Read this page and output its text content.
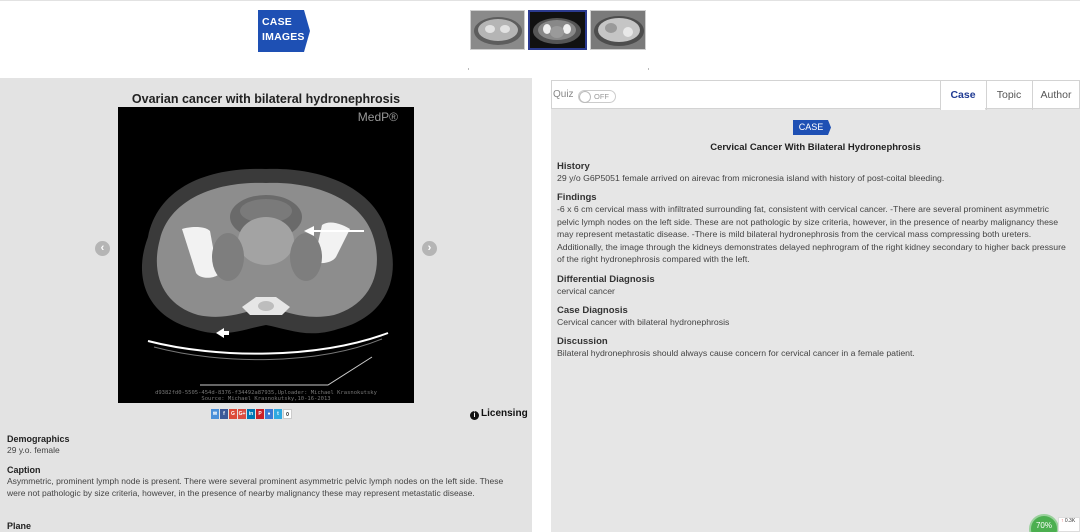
CASE
IMAGES
Ovarian cancer with bilateral hydronephrosis
‹	›
MedP®
d9382fd0-5505-454d-8376-f34492a87935,Uploader: Michael Krasnokutsky
Source: Michael Krasnokutsky,10-16-2013
✉	f	G G+ in	P	●	t	0	i Licensing
Demographics
29 y.o. female
Caption
Asymmetric, prominent lymph node is present. There were several prominent asymmetric pelvic lymph nodes on the left side. These were not pathologic by size criteria, however, in the presence of nearby malignancy these may represent metastatic disease.
Plane
Quiz	OFF	Case	Topic	Author
CASE
Cervical Cancer With Bilateral Hydronephrosis
History
29 y/o G6P5051 female arrived on airevac from micronesia island with history of post-coital bleeding.
Findings
-6 x 6 cm cervical mass with infiltrated surrounding fat, consistent with cervical cancer. -There are several prominent asymmetric pelvic lymph nodes on the left side. These are not pathologic by size criteria, however, in the presence of nearby malignancy these may represent metastatic disease. -There is mild bilateral hydronephrosis from the cervical mass compressing both ureters. Additionally, the image through the kidneys demonstrates delayed nephrogram of the right kidney secondary to higher back pressure of the right hydronephrosis compared with the left.
Differential Diagnosis
cervical cancer
Case Diagnosis
Cervical cancer with bilateral hydronephrosis
Discussion
Bilateral hydronephrosis should always cause concern for cervical cancer in a female patient.
70%	↑ 0.3K
